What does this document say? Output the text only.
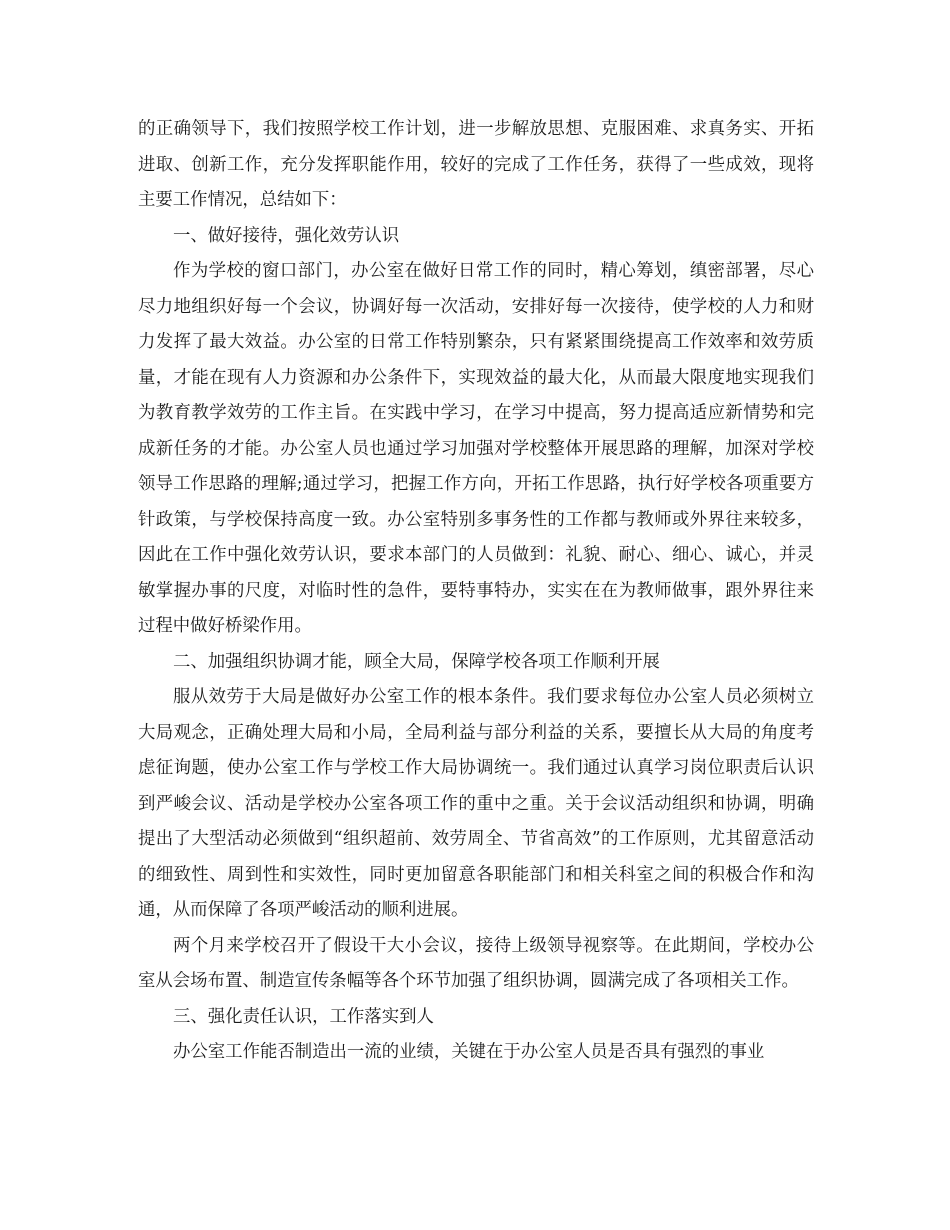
的正确领导下，我们按照学校工作计划，进一步解放思想、克服困难、求真务实、开拓进取、创新工作，充分发挥职能作用，较好的完成了工作任务，获得了一些成效，现将主要工作情况，总结如下：

一、做好接待，强化效劳认识

作为学校的窗口部门，办公室在做好日常工作的同时，精心筹划，缜密部署，尽心尽力地组织好每一个会议，协调好每一次活动，安排好每一次接待，使学校的人力和财力发挥了最大效益。办公室的日常工作特别繁杂，只有紧紧围绕提高工作效率和效劳质量，才能在现有人力资源和办公条件下，实现效益的最大化，从而最大限度地实现我们为教育教学效劳的工作主旨。在实践中学习，在学习中提高，努力提高适应新情势和完成新任务的才能。办公室人员也通过学习加强对学校整体开展思路的理解，加深对学校领导工作思路的理解;通过学习，把握工作方向，开拓工作思路，执行好学校各项重要方针政策，与学校保持高度一致。办公室特别多事务性的工作都与教师或外界往来较多，因此在工作中强化效劳认识，要求本部门的人员做到：礼貌、耐心、细心、诚心，并灵敏掌握办事的尺度，对临时性的急件，要特事特办，实实在在为教师做事，跟外界往来过程中做好桥梁作用。

二、加强组织协调才能，顾全大局，保障学校各项工作顺利开展

服从效劳于大局是做好办公室工作的根本条件。我们要求每位办公室人员必须树立大局观念，正确处理大局和小局，全局利益与部分利益的关系，要擅长从大局的角度考虑征询题，使办公室工作与学校工作大局协调统一。我们通过认真学习岗位职责后认识到严峻会议、活动是学校办公室各项工作的重中之重。关于会议活动组织和协调，明确提出了大型活动必须做到“组织超前、效劳周全、节省高效”的工作原则，尤其留意活动的细致性、周到性和实效性，同时更加留意各职能部门和相关科室之间的积极合作和沟通，从而保障了各项严峻活动的顺利进展。

两个月来学校召开了假设干大小会议，接待上级领导视察等。在此期间，学校办公室从会场布置、制造宣传条幅等各个环节加强了组织协调，圆满完成了各项相关工作。

三、强化责任认识，工作落实到人

办公室工作能否制造出一流的业绩，关键在于办公室人员是否具有强烈的事业
